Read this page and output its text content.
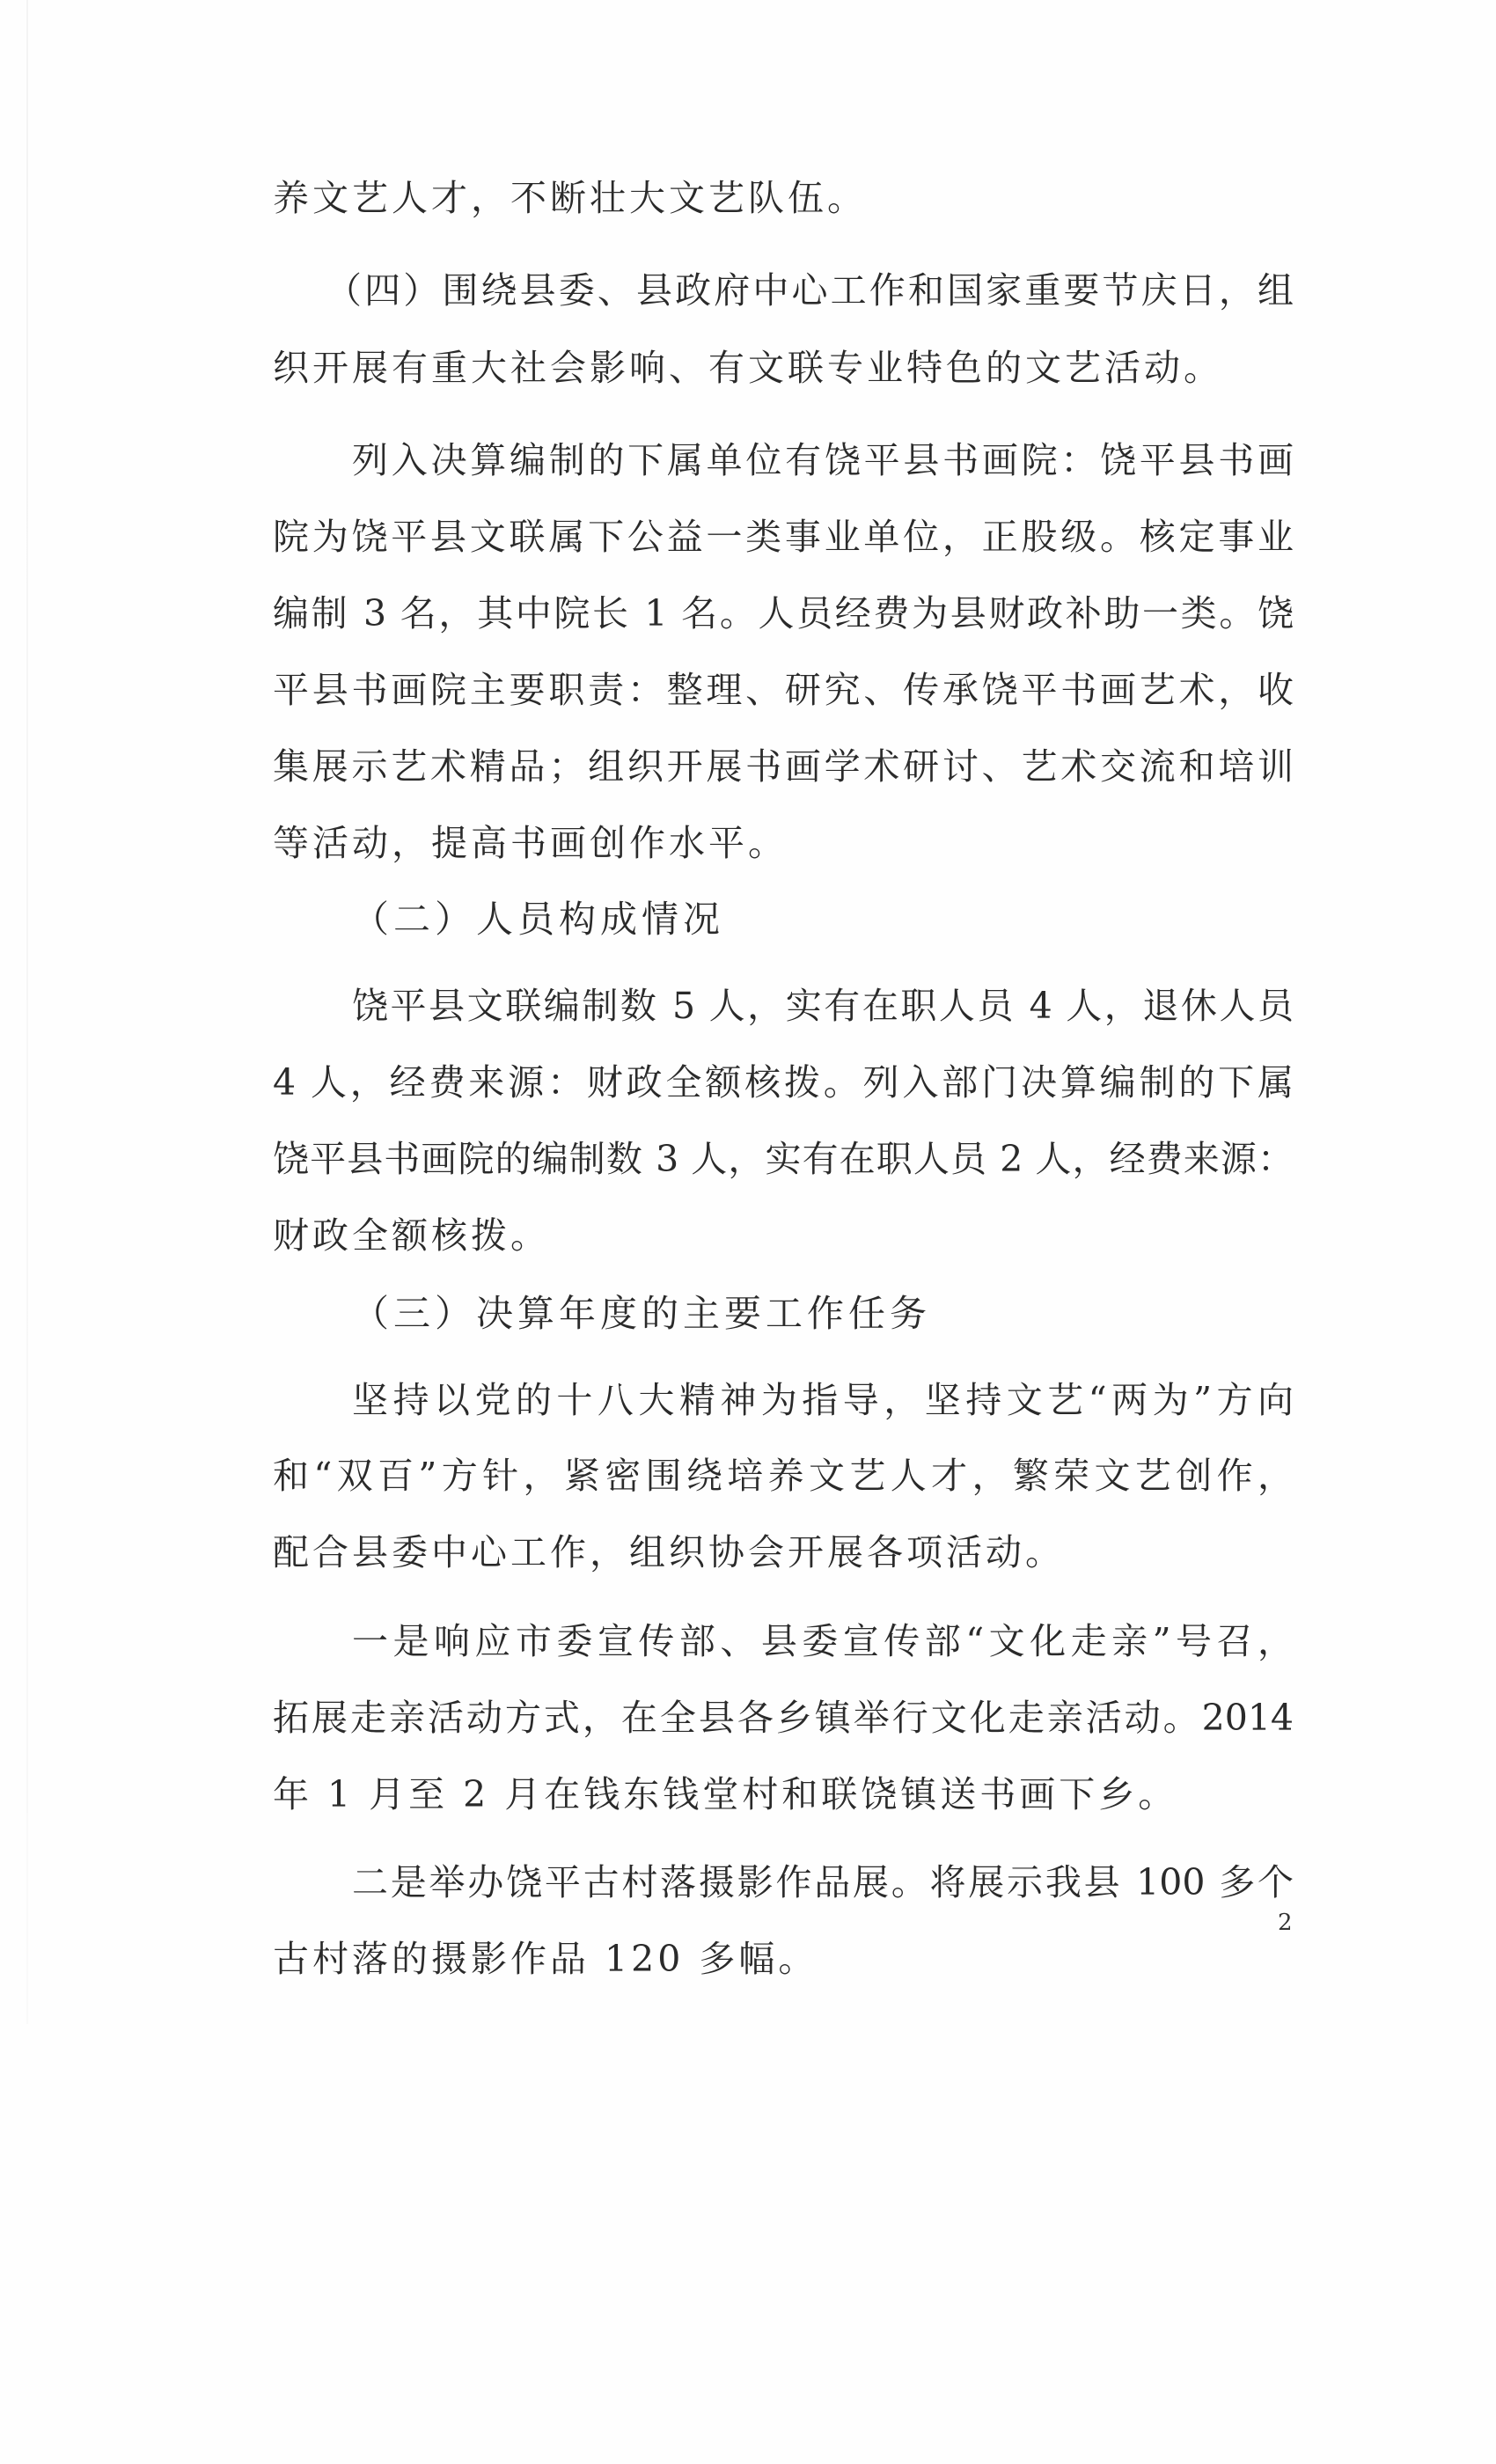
养文艺人才，不断壮大文艺队伍。
（四）围绕县委、县政府中心工作和国家重要节庆日，组
织开展有重大社会影响、有文联专业特色的文艺活动。
列入决算编制的下属单位有饶平县书画院：饶平县书画
院为饶平县文联属下公益一类事业单位，正股级。核定事业
编制 3 名，其中院长 1 名。人员经费为县财政补助一类。饶
平县书画院主要职责：整理、研究、传承饶平书画艺术，收
集展示艺术精品；组织开展书画学术研讨、艺术交流和培训
等活动，提高书画创作水平。
（二）人员构成情况
饶平县文联编制数 5 人，实有在职人员 4 人，退休人员
4 人，经费来源：财政全额核拨。列入部门决算编制的下属
饶平县书画院的编制数 3 人，实有在职人员 2 人，经费来源：
财政全额核拨。
（三）决算年度的主要工作任务
坚持以党的十八大精神为指导，坚持文艺“两为”方向
和“双百”方针，紧密围绕培养文艺人才，繁荣文艺创作，
配合县委中心工作，组织协会开展各项活动。
一是响应市委宣传部、县委宣传部“文化走亲”号召，
拓展走亲活动方式，在全县各乡镇举行文化走亲活动。2014
年 1 月至 2 月在钱东钱堂村和联饶镇送书画下乡。
二是举办饶平古村落摄影作品展。将展示我县 100 多个
古村落的摄影作品 120 多幅。
2
